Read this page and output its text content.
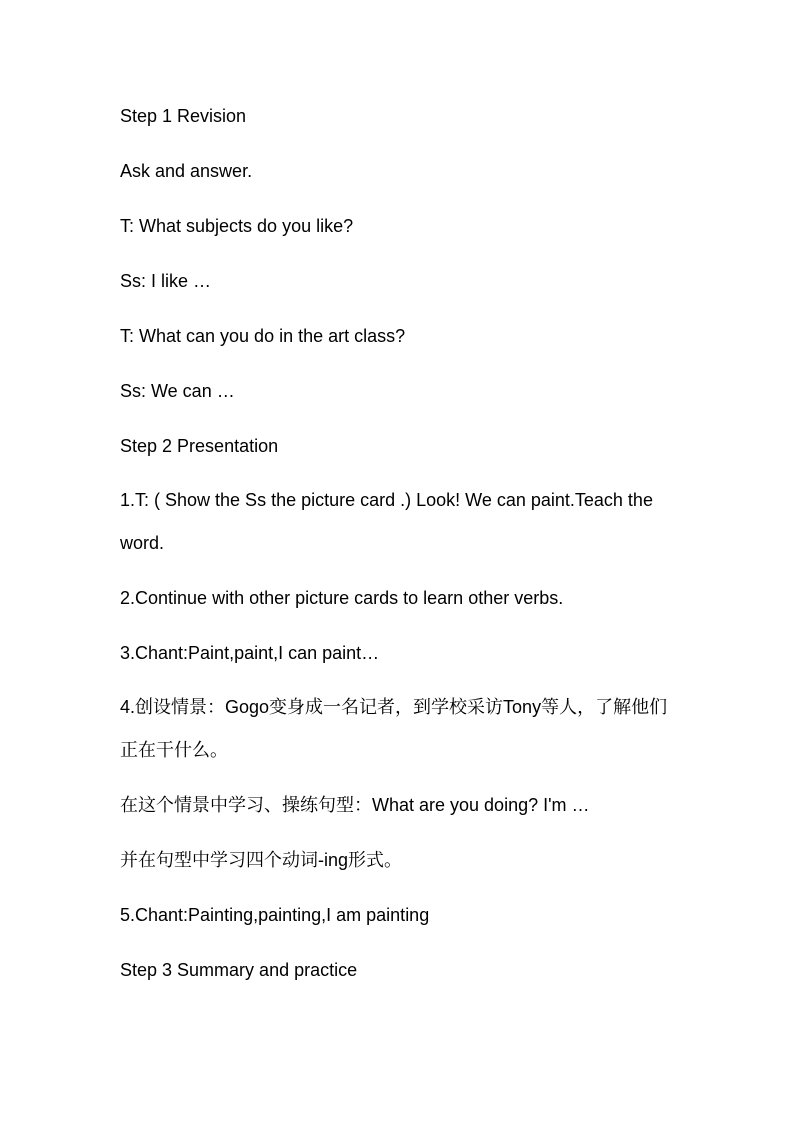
Step 1 Revision
Ask and answer.
T: What subjects do you like?
Ss: I like …
T: What can you do in the art class?
Ss: We can …
Step 2 Presentation
1.T: ( Show the Ss the picture card .) Look! We can paint.Teach the word.
2.Continue with other picture cards to learn other verbs.
3.Chant:Paint,paint,I can paint…
4.创设情景：Gogo变身成一名记者，到学校采访Tony等人，了解他们正在干什么。
在这个情景中学习、操练句型：What are you doing? I'm …
并在句型中学习四个动词-ing形式。
5.Chant:Painting,painting,I am painting
Step 3 Summary and practice
